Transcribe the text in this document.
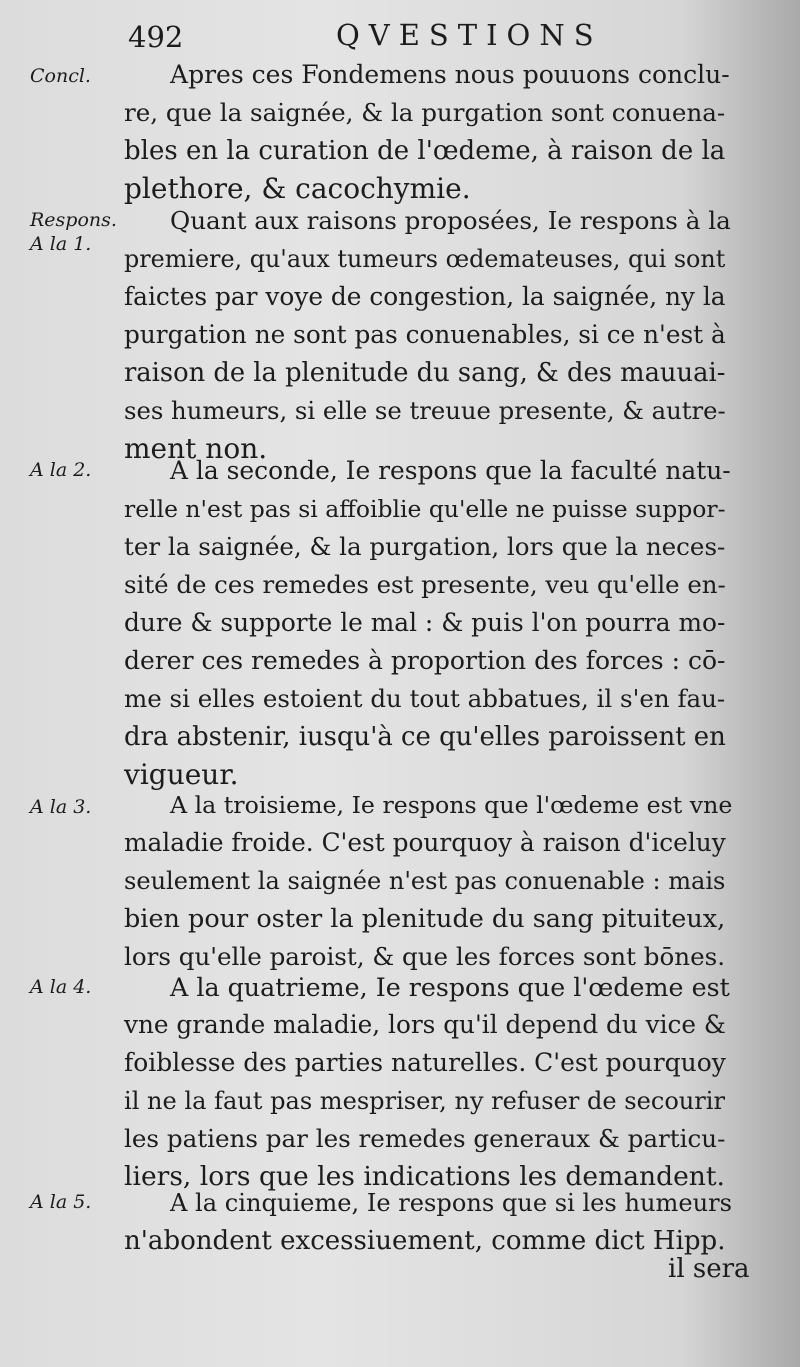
492	QVESTIONS
Concl.
Respons.
A la 1.
A la 2.
A la 3.
A la 4.
A la 5.
Apres ces Fondemens nous pouuons conclu-
re, que la saignée, & la purgation sont conuena-
bles en la curation de l'œdeme, à raison de la
plethore, & cacochymie.
Quant aux raisons proposées, Ie respons à la
premiere, qu'aux tumeurs œdemateuses, qui sont
faictes par voye de congestion, la saignée, ny la
purgation ne sont pas conuenables, si ce n'est à
raison de la plenitude du sang, & des mauuai-
ses humeurs, si elle se treuue presente, & autre-
ment non.
A la seconde, Ie respons que la faculté natu-
relle n'est pas si affoiblie qu'elle ne puisse suppor-
ter la saignée, & la purgation, lors que la neces-
sité de ces remedes est presente, veu qu'elle en-
dure & supporte le mal : & puis l'on pourra mo-
derer ces remedes à proportion des forces : cō-
me si elles estoient du tout abbatues, il s'en fau-
dra abstenir, iusqu'à ce qu'elles paroissent en
vigueur.
A la troisieme, Ie respons que l'œdeme est vne
maladie froide. C'est pourquoy à raison d'iceluy
seulement la saignée n'est pas conuenable : mais
bien pour oster la plenitude du sang pituiteux,
lors qu'elle paroist, & que les forces sont bōnes.
A la quatrieme, Ie respons que l'œdeme est
vne grande maladie, lors qu'il depend du vice &
foiblesse des parties naturelles. C'est pourquoy
il ne la faut pas mespriser, ny refuser de secourir
les patiens par les remedes generaux & particu-
liers, lors que les indications les demandent.
A la cinquieme, Ie respons que si les humeurs
n'abondent excessiuement, comme dict Hipp.
il sera
